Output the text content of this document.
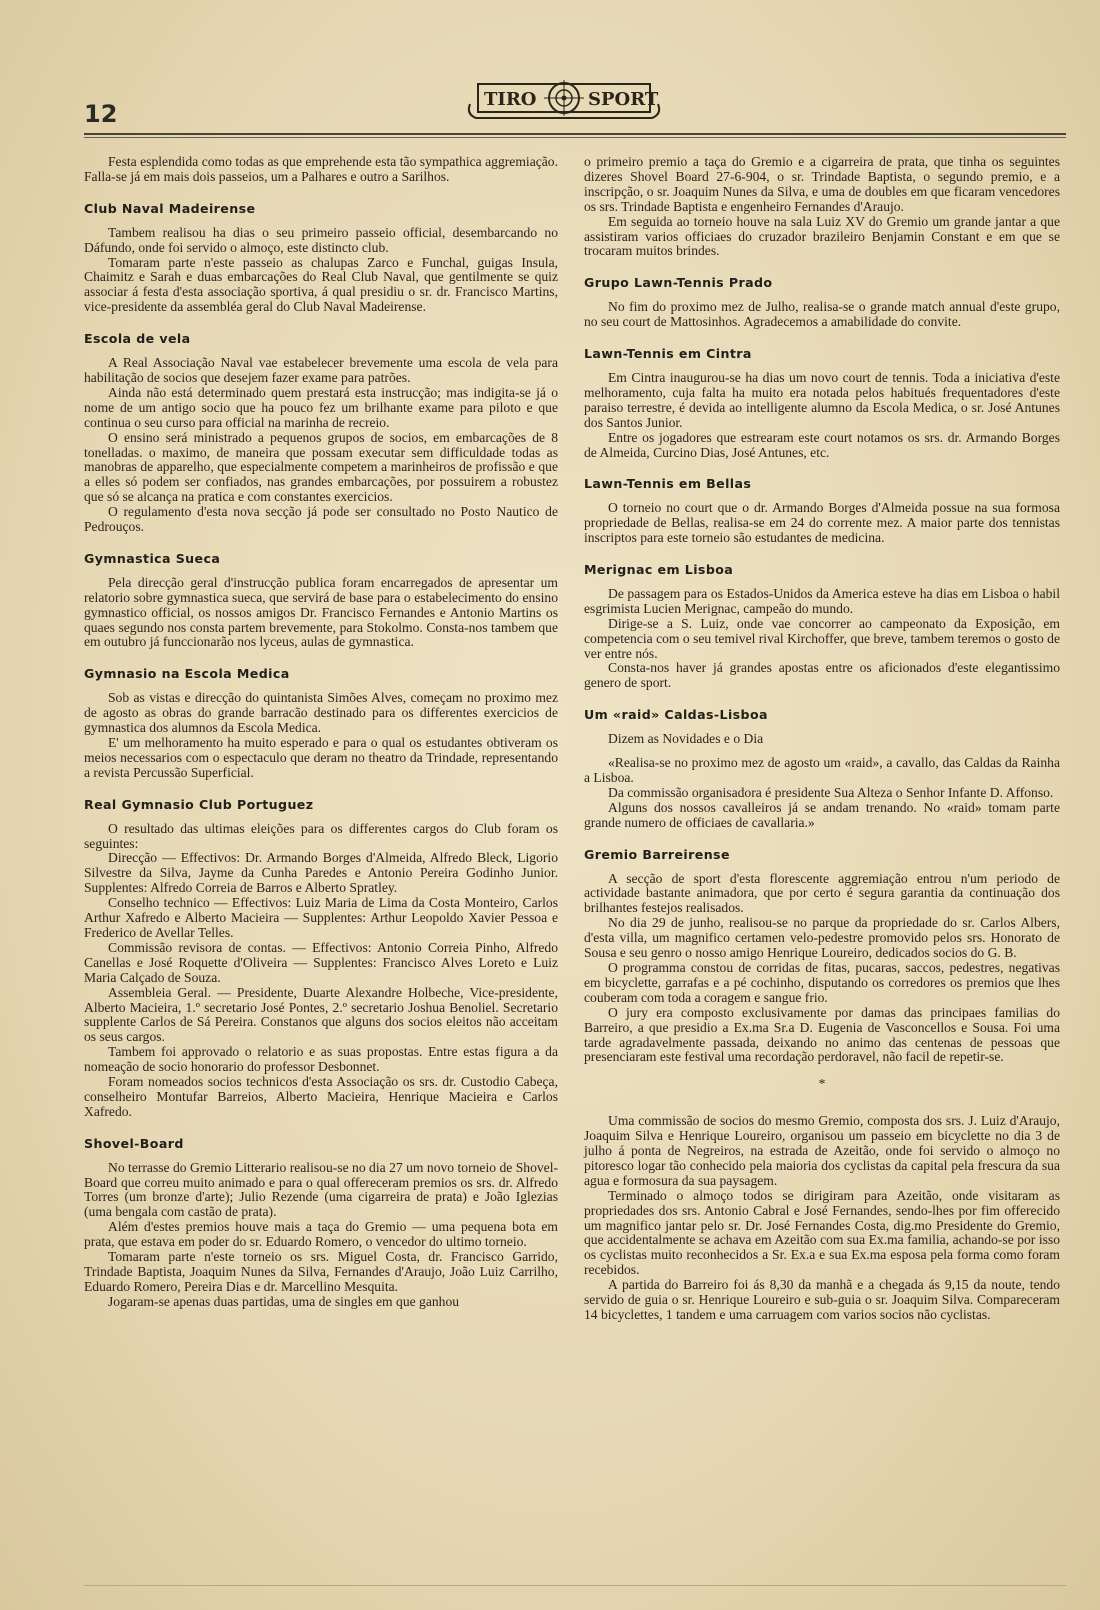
12
TIRO	SPORT

Festa esplendida como todas as que emprehende esta tão sympathica aggremiação. Falla-se já em mais dois passeios, um a Palhares e outro a Sarilhos.

Club Naval Madeirense

Tambem realisou ha dias o seu primeiro passeio official, desembarcando no Dáfundo, onde foi servido o almoço, este distincto club.

Tomaram parte n'este passeio as chalupas Zarco e Funchal, guigas Insula, Chaimitz e Sarah e duas embarcações do Real Club Naval, que gentilmente se quiz associar á festa d'esta associação sportiva, á qual presidiu o sr. dr. Francisco Martins, vice-presidente da assembléa geral do Club Naval Madeirense.

Escola de vela

A Real Associação Naval vae estabelecer brevemente uma escola de vela para habilitação de socios que desejem fazer exame para patrões.

Ainda não está determinado quem prestará esta instrucção; mas indigita-se já o nome de um antigo socio que ha pouco fez um brilhante exame para piloto e que continua o seu curso para official na marinha de recreio.

O ensino será ministrado a pequenos grupos de socios, em embarcações de 8 tonelladas. o maximo, de maneira que possam executar sem difficuldade todas as manobras de apparelho, que especialmente competem a marinheiros de profissão e que a elles só podem ser confiados, nas grandes embarcações, por possuirem a robustez que só se alcança na pratica e com constantes exercicios.

O regulamento d'esta nova secção já pode ser consultado no Posto Nautico de Pedrouços.

Gymnastica Sueca

Pela direcção geral d'instrucção publica foram encarregados de apresentar um relatorio sobre gymnastica sueca, que servirá de base para o estabelecimento do ensino gymnastico official, os nossos amigos Dr. Francisco Fernandes e Antonio Martins os quaes segundo nos consta partem brevemente, para Stokolmo. Consta-nos tambem que em outubro já funccionarão nos lyceus, aulas de gymnastica.

Gymnasio na Escola Medica

Sob as vistas e direcção do quintanista Simões Alves, começam no proximo mez de agosto as obras do grande barracão destinado para os differentes exercicios de gymnastica dos alumnos da Escola Medica.

E' um melhoramento ha muito esperado e para o qual os estudantes obtiveram os meios necessarios com o espectaculo que deram no theatro da Trindade, representando a revista Percussão Superficial.

Real Gymnasio Club Portuguez

O resultado das ultimas eleições para os differentes cargos do Club foram os seguintes:

Direcção — Effectivos: Dr. Armando Borges d'Almeida, Alfredo Bleck, Ligorio Silvestre da Silva, Jayme da Cunha Paredes e Antonio Pereira Godinho Junior. Supplentes: Alfredo Correia de Barros e Alberto Spratley.

Conselho technico — Effectivos: Luiz Maria de Lima da Costa Monteiro, Carlos Arthur Xafredo e Alberto Macieira — Supplentes: Arthur Leopoldo Xavier Pessoa e Frederico de Avellar Telles.

Commissão revisora de contas. — Effectivos: Antonio Correia Pinho, Alfredo Canellas e José Roquette d'Oliveira — Supplentes: Francisco Alves Loreto e Luiz Maria Calçado de Souza.

Assembleia Geral. — Presidente, Duarte Alexandre Holbeche, Vice-presidente, Alberto Macieira, 1.º secretario José Pontes, 2.º secretario Joshua Benoliel. Secretario supplente Carlos de Sá Pereira. Constanos que alguns dos socios eleitos não acceitam os seus cargos.

Tambem foi approvado o relatorio e as suas propostas. Entre estas figura a da nomeação de socio honorario do professor Desbonnet.

Foram nomeados socios technicos d'esta Associação os srs. dr. Custodio Cabeça, conselheiro Montufar Barreios, Alberto Macieira, Henrique Macieira e Carlos Xafredo.

Shovel-Board

No terrasse do Gremio Litterario realisou-se no dia 27 um novo torneio de Shovel-Board que correu muito animado e para o qual offereceram premios os srs. dr. Alfredo Torres (um bronze d'arte); Julio Rezende (uma cigarreira de prata) e João Iglezias (uma bengala com castão de prata).

Além d'estes premios houve mais a taça do Gremio — uma pequena bota em prata, que estava em poder do sr. Eduardo Romero, o vencedor do ultimo torneio.

Tomaram parte n'este torneio os srs. Miguel Costa, dr. Francisco Garrido, Trindade Baptista, Joaquim Nunes da Silva, Fernandes d'Araujo, João Luiz Carrilho, Eduardo Romero, Pereira Dias e dr. Marcellino Mesquita.

Jogaram-se apenas duas partidas, uma de singles em que ganhou

o primeiro premio a taça do Gremio e a cigarreira de prata, que tinha os seguintes dizeres Shovel Board 27-6-904, o sr. Trindade Baptista, o segundo premio, e a inscripção, o sr. Joaquim Nunes da Silva, e uma de doubles em que ficaram vencedores os srs. Trindade Baptista e engenheiro Fernandes d'Araujo.

Em seguida ao torneio houve na sala Luiz XV do Gremio um grande jantar a que assistiram varios officiaes do cruzador brazileiro Benjamin Constant e em que se trocaram muitos brindes.

Grupo Lawn-Tennis Prado

No fim do proximo mez de Julho, realisa-se o grande match annual d'este grupo, no seu court de Mattosinhos. Agradecemos a amabilidade do convite.

Lawn-Tennis em Cintra

Em Cintra inaugurou-se ha dias um novo court de tennis. Toda a iniciativa d'este melhoramento, cuja falta ha muito era notada pelos habitués frequentadores d'este paraiso terrestre, é devida ao intelligente alumno da Escola Medica, o sr. José Antunes dos Santos Junior.

Entre os jogadores que estrearam este court notamos os srs. dr. Armando Borges de Almeida, Curcino Dias, José Antunes, etc.

Lawn-Tennis em Bellas

O torneio no court que o dr. Armando Borges d'Almeida possue na sua formosa propriedade de Bellas, realisa-se em 24 do corrente mez. A maior parte dos tennistas inscriptos para este torneio são estudantes de medicina.

Merignac em Lisboa

De passagem para os Estados-Unidos da America esteve ha dias em Lisboa o habil esgrimista Lucien Merignac, campeão do mundo.

Dirige-se a S. Luiz, onde vae concorrer ao campeonato da Exposição, em competencia com o seu temivel rival Kirchoffer, que breve, tambem teremos o gosto de ver entre nós.

Consta-nos haver já grandes apostas entre os aficionados d'este elegantissimo genero de sport.

Um «raid» Caldas-Lisboa

Dizem as Novidades e o Dia

«Realisa-se no proximo mez de agosto um «raid», a cavallo, das Caldas da Rainha a Lisboa.

Da commissão organisadora é presidente Sua Alteza o Senhor Infante D. Affonso.

Alguns dos nossos cavalleiros já se andam trenando. No «raid» tomam parte grande numero de officiaes de cavallaria.»

Gremio Barreirense

A secção de sport d'esta florescente aggremiação entrou n'um periodo de actividade bastante animadora, que por certo é segura garantia da continuação dos brilhantes festejos realisados.

No dia 29 de junho, realisou-se no parque da propriedade do sr. Carlos Albers, d'esta villa, um magnifico certamen velo-pedestre promovido pelos srs. Honorato de Sousa e seu genro o nosso amigo Henrique Loureiro, dedicados socios do G. B.

O programma constou de corridas de fitas, pucaras, saccos, pedestres, negativas em bicyclette, garrafas e a pé cochinho, disputando os corredores os premios que lhes couberam com toda a coragem e sangue frio.

O jury era composto exclusivamente por damas das principaes familias do Barreiro, a que presidio a Ex.ma Sr.a D. Eugenia de Vasconcellos e Sousa. Foi uma tarde agradavelmente passada, deixando no animo das centenas de pessoas que presenciaram este festival uma recordação perdoravel, não facil de repetir-se.

*

Uma commissão de socios do mesmo Gremio, composta dos srs. J. Luiz d'Araujo, Joaquim Silva e Henrique Loureiro, organisou um passeio em bicyclette no dia 3 de julho á ponta de Negreiros, na estrada de Azeitão, onde foi servido o almoço no pitoresco logar tão conhecido pela maioria dos cyclistas da capital pela frescura da sua agua e formosura da sua paysagem.

Terminado o almoço todos se dirigiram para Azeitão, onde visitaram as propriedades dos srs. Antonio Cabral e José Fernandes, sendo-lhes por fim offerecido um magnifico jantar pelo sr. Dr. José Fernandes Costa, dig.mo Presidente do Gremio, que accidentalmente se achava em Azeitão com sua Ex.ma familia, achando-se por isso os cyclistas muito reconhecidos a Sr. Ex.a e sua Ex.ma esposa pela forma como foram recebidos.

A partida do Barreiro foi ás 8,30 da manhã e a chegada ás 9,15 da noute, tendo servido de guia o sr. Henrique Loureiro e sub-guia o sr. Joaquim Silva. Compareceram 14 bicyclettes, 1 tandem e uma carruagem com varios socios não cyclistas.
